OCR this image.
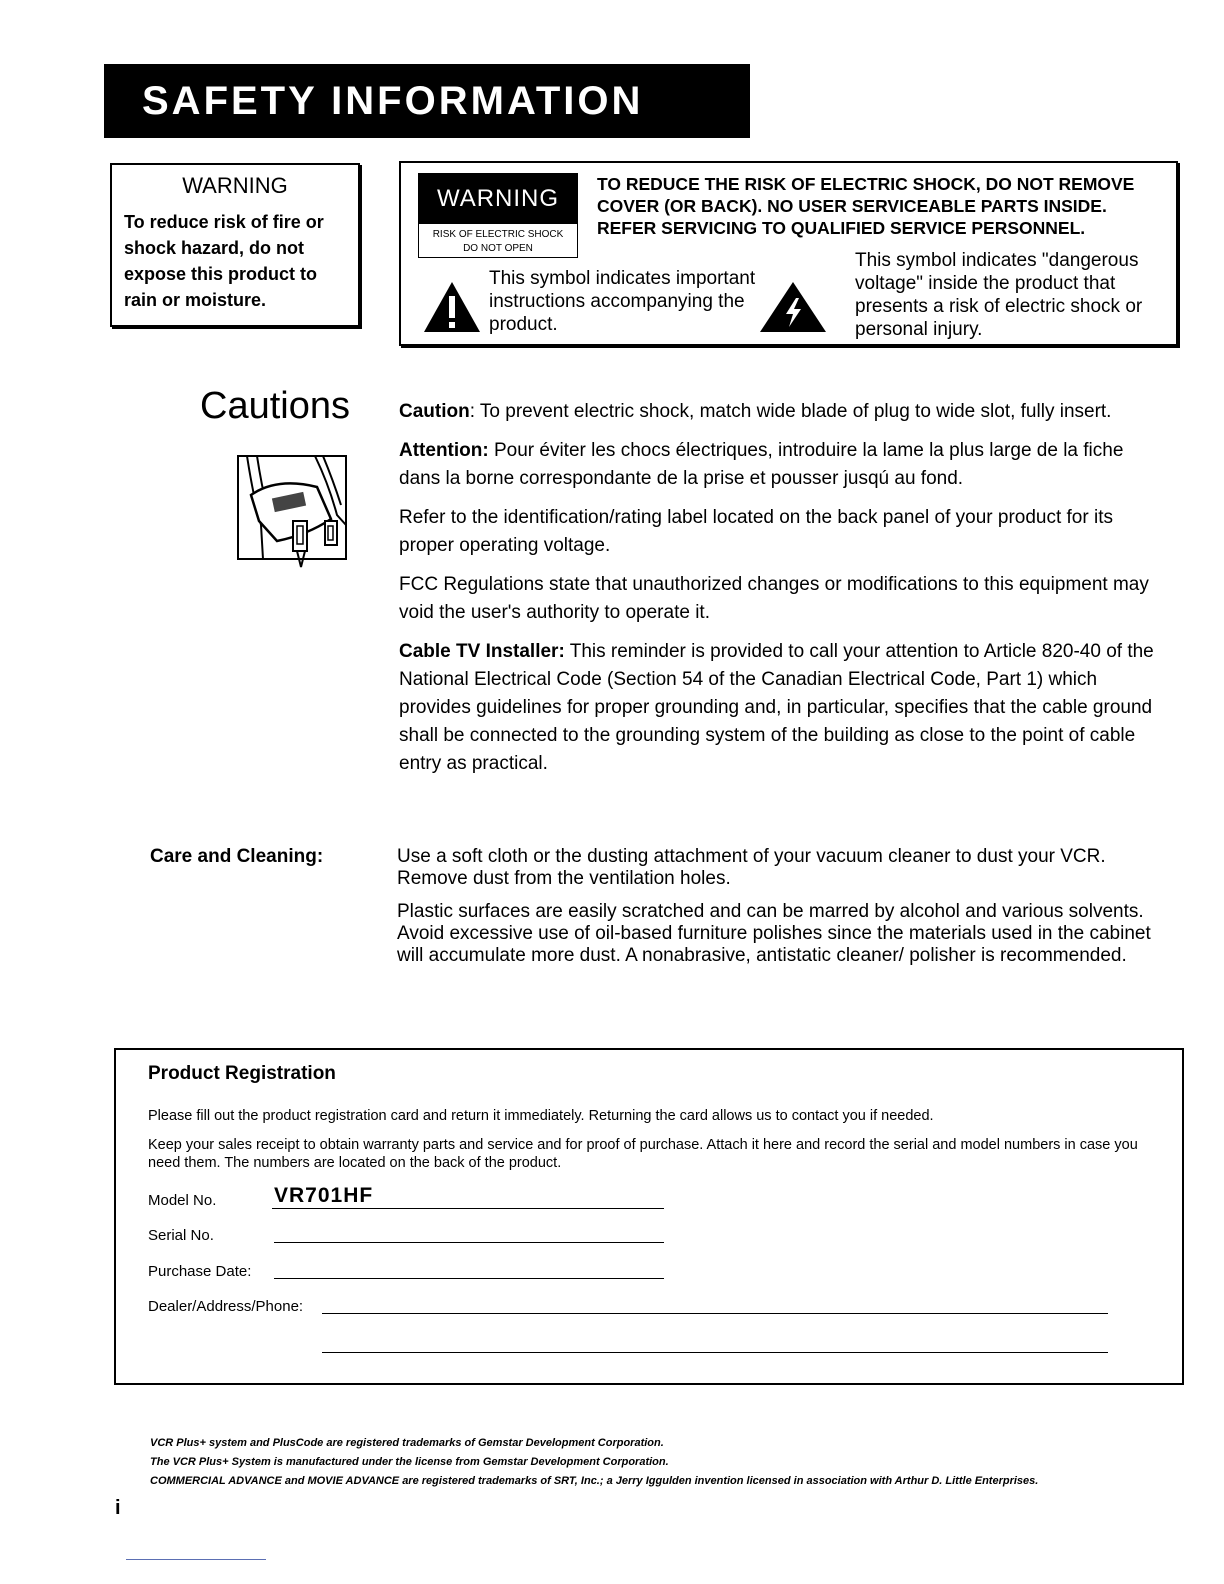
SAFETY INFORMATION
WARNING
To reduce risk of fire or shock hazard, do not expose this product to rain or moisture.
WARNING
RISK OF ELECTRIC SHOCK
DO NOT OPEN
TO REDUCE THE RISK OF ELECTRIC SHOCK, DO NOT REMOVE COVER (OR BACK). NO USER SERVICEABLE PARTS INSIDE. REFER SERVICING TO QUALIFIED SERVICE PERSONNEL.
This symbol indicates important instructions accompanying the product.
This symbol indicates "dangerous voltage" inside the product that presents a risk of electric shock or personal injury.
Cautions	Caution: To prevent electric shock, match wide blade of plug to wide slot, fully insert.

Attention: Pour éviter les chocs électriques, introduire la lame la plus large de la fiche dans la borne correspondante de la prise et pousser jusqú au fond.

Refer to the identification/rating label located on the back panel of your product for its proper operating voltage.

FCC Regulations state that unauthorized changes or modifications to this equipment may void the user's authority to operate it.

Cable TV Installer: This reminder is provided to call your attention to Article 820-40 of the National Electrical Code (Section 54 of the Canadian Electrical Code, Part 1) which provides guidelines for proper grounding and, in particular, specifies that the cable ground shall be connected to the grounding system of the building as close to the point of cable entry as practical.

Care and Cleaning:	Use a soft cloth or the dusting attachment of your vacuum cleaner to dust your VCR. Remove dust from the ventilation holes.

Plastic surfaces are easily scratched and can be marred by alcohol and various solvents. Avoid excessive use of oil-based furniture polishes since the materials used in the cabinet will accumulate more dust. A nonabrasive, antistatic cleaner/ polisher is recommended.

Product Registration
Please fill out the product registration card and return it immediately. Returning the card allows us to contact you if needed.
Keep your sales receipt to obtain warranty parts and service and for proof of purchase. Attach it here and record the serial and model numbers in case you need them. The numbers are located on the back of the product.
Model No.	VR701HF
Serial No.
Purchase Date:
Dealer/Address/Phone:
VCR Plus+ system and PlusCode are registered trademarks of Gemstar Development Corporation.
The VCR Plus+ System is manufactured under the license from Gemstar Development Corporation.
COMMERCIAL ADVANCE and MOVIE ADVANCE are registered trademarks of SRT, Inc.; a Jerry Iggulden invention licensed in association with Arthur D. Little Enterprises.
i
